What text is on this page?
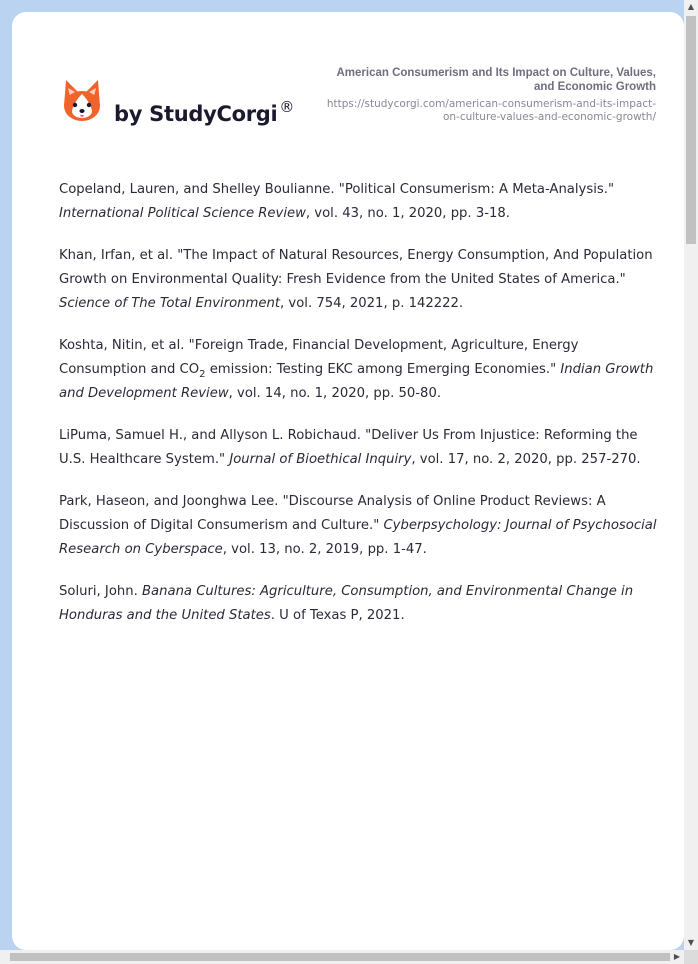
by StudyCorgi ®
American Consumerism and Its Impact on Culture, Values, and Economic Growth
https://studycorgi.com/american-consumerism-and-its-impact-on-culture-values-and-economic-growth/

Copeland, Lauren, and Shelley Boulianne. "Political Consumerism: A Meta-Analysis." International Political Science Review, vol. 43, no. 1, 2020, pp. 3-18.

Khan, Irfan, et al. "The Impact of Natural Resources, Energy Consumption, And Population Growth on Environmental Quality: Fresh Evidence from the United States of America." Science of The Total Environment, vol. 754, 2021, p. 142222.

Koshta, Nitin, et al. "Foreign Trade, Financial Development, Agriculture, Energy Consumption and $CO_2$ emission: Testing EKC among Emerging Economies." Indian Growth and Development Review, vol. 14, no. 1, 2020, pp. 50-80.

LiPuma, Samuel H., and Allyson L. Robichaud. "Deliver Us From Injustice: Reforming the U.S. Healthcare System." Journal of Bioethical Inquiry, vol. 17, no. 2, 2020, pp. 257-270.

Park, Haseon, and Joonghwa Lee. "Discourse Analysis of Online Product Reviews: A Discussion of Digital Consumerism and Culture." Cyberpsychology: Journal of Psychosocial Research on Cyberspace, vol. 13, no. 2, 2019, pp. 1-47.

Soluri, John. Banana Cultures: Agriculture, Consumption, and Environmental Change in Honduras and the United States. U of Texas P, 2021.

▲
▼
▶
